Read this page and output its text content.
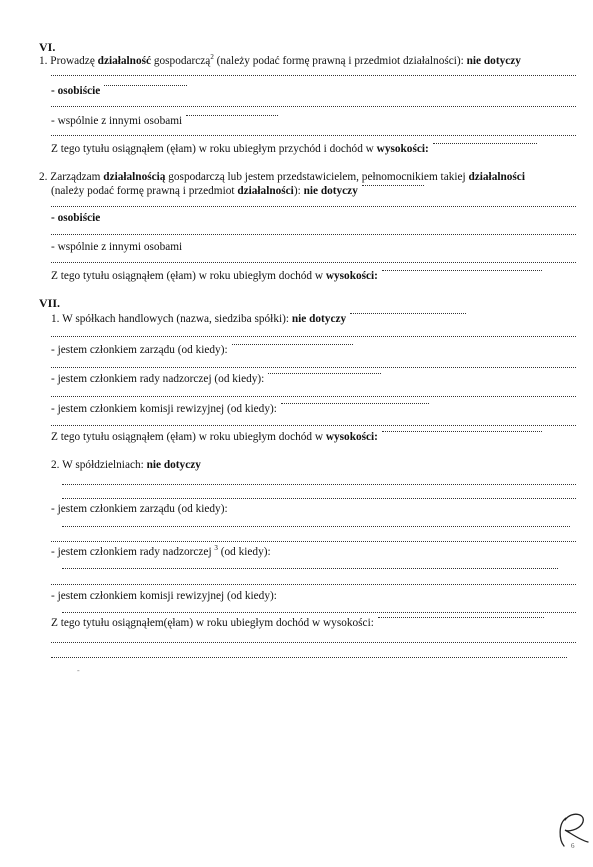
VI.
1. Prowadzę działalność gospodarczą$^2$ (należy podać formę prawną i przedmiot działalności): nie dotyczy
- osobiście
- wspólnie z innymi osobami
Z tego tytułu osiągnąłem (ęłam) w roku ubiegłym przychód i dochód w wysokości:
2. Zarządzam działalnością gospodarczą lub jestem przedstawicielem, pełnomocnikiem takiej działalności
(należy podać formę prawną i przedmiot działalności): nie dotyczy
- osobiście
- wspólnie z innymi osobami
Z tego tytułu osiągnąłem (ęłam) w roku ubiegłym dochód w wysokości:
VII.
1. W spółkach handlowych (nazwa, siedziba spółki): nie dotyczy
- jestem członkiem zarządu (od kiedy):
- jestem członkiem rady nadzorczej (od kiedy):
- jestem członkiem komisji rewizyjnej (od kiedy):
Z tego tytułu osiągnąłem (ęłam) w roku ubiegłym dochód w wysokości:
2. W spółdzielniach: nie dotyczy
- jestem członkiem zarządu (od kiedy):
- jestem członkiem rady nadzorczej $^3$ (od kiedy):
- jestem członkiem komisji rewizyjnej (od kiedy):
Z tego tytułu osiągnąłem(ęłam) w roku ubiegłym dochód w wysokości:
-
6
